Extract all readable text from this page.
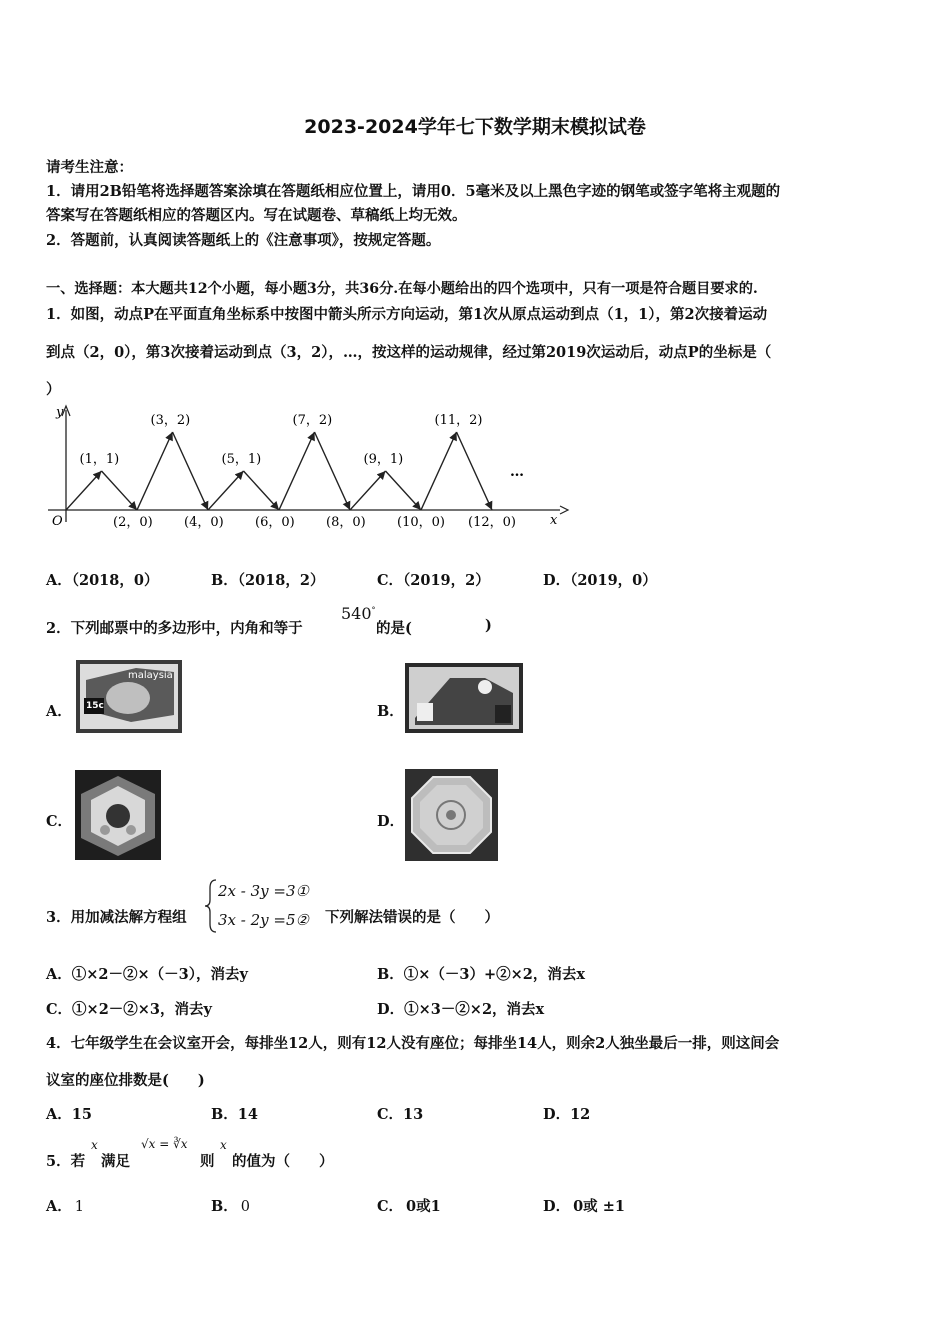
2023-2024学年七下数学期末模拟试卷
请考生注意：
1．请用2B铅笔将选择题答案涂填在答题纸相应位置上，请用0．5毫米及以上黑色字迹的钢笔或签字笔将主观题的
答案写在答题纸相应的答题区内。写在试题卷、草稿纸上均无效。
2．答题前，认真阅读答题纸上的《注意事项》，按规定答题。
一、选择题：本大题共12个小题，每小题3分，共36分.在每小题给出的四个选项中，只有一项是符合题目要求的.
1．如图，动点P在平面直角坐标系中按图中箭头所示方向运动，第1次从原点运动到点（1，1），第2次接着运动
到点（2，0），第3次接着运动到点（3，2），…，按这样的运动规律，经过第2019次运动后，动点P的坐标是（
）
y
x
O
(1，1)
(3，2)
(5，1)
(7，2)
(9，1)
(11，2)
(2，0) (4，0) (6，0) (8，0) (10，0) (12，0)
…
A．（2018，0）	B．（2018，2）	C．（2019，2）	D．（2019，0）
2．下列邮票中的多边形中，内角和等于
540°
的是(	)
A．
malaysia
15c	B．
C．	D．
3．用加减法解方程组
2x - 3y =3①
3x - 2y =5② 下列解法错误的是（　　）
A．①×2－②×（－3），消去y	B．①×（－3）+②×2，消去x
C．①×2－②×3，消去y	D．①×3－②×2，消去x
4．七年级学生在会议室开会，每排坐12人，则有12人没有座位；每排坐14人，则余2人独坐最后一排，则这间会
议室的座位排数是(　　)
A．15	B．14	C．13	D．12
5．若
x
满足
√x = ∛x
则
x
的值为（　　）
A． 1	B． 0	C． 0或1	D． 0或 ±1
